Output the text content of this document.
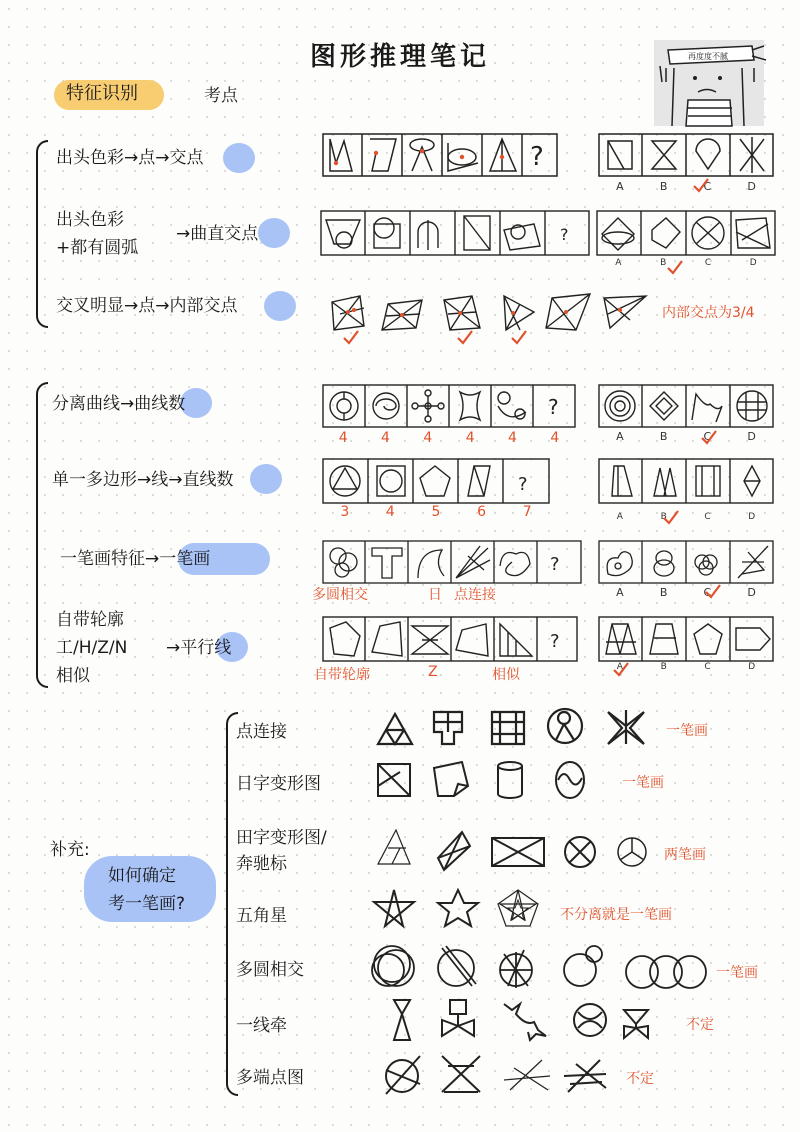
图形推理笔记
特征识别	考点
再度度不腻
出头色彩→点→交点	?
A	B	C	D
出头色彩
+都有圆弧
→曲直交点	?
A	B	C	D
交叉明显→点→内部交点	内部交点为3/4
分离曲线→曲线数	?
4 4 4 4 4 4	A	B	C	D
单一多边形→线→直线数	?
3	4	5	6	7	A	B	C	D
一笔画特征→一笔画	?
多圆相交	日 点连接	A	B	C	D
自带轮廓
工/H/Z/N
相似
→平行线	?
自带轮廓	Z	相似	A	B	C	D
补充:
如何确定
考一笔画?
点连接	一笔画
日字变形图	一笔画
田字变形图/
奔驰标	两笔画
五角星	不分离就是一笔画
多圆相交	一笔画
一线牵	不定
多端点图	不定
